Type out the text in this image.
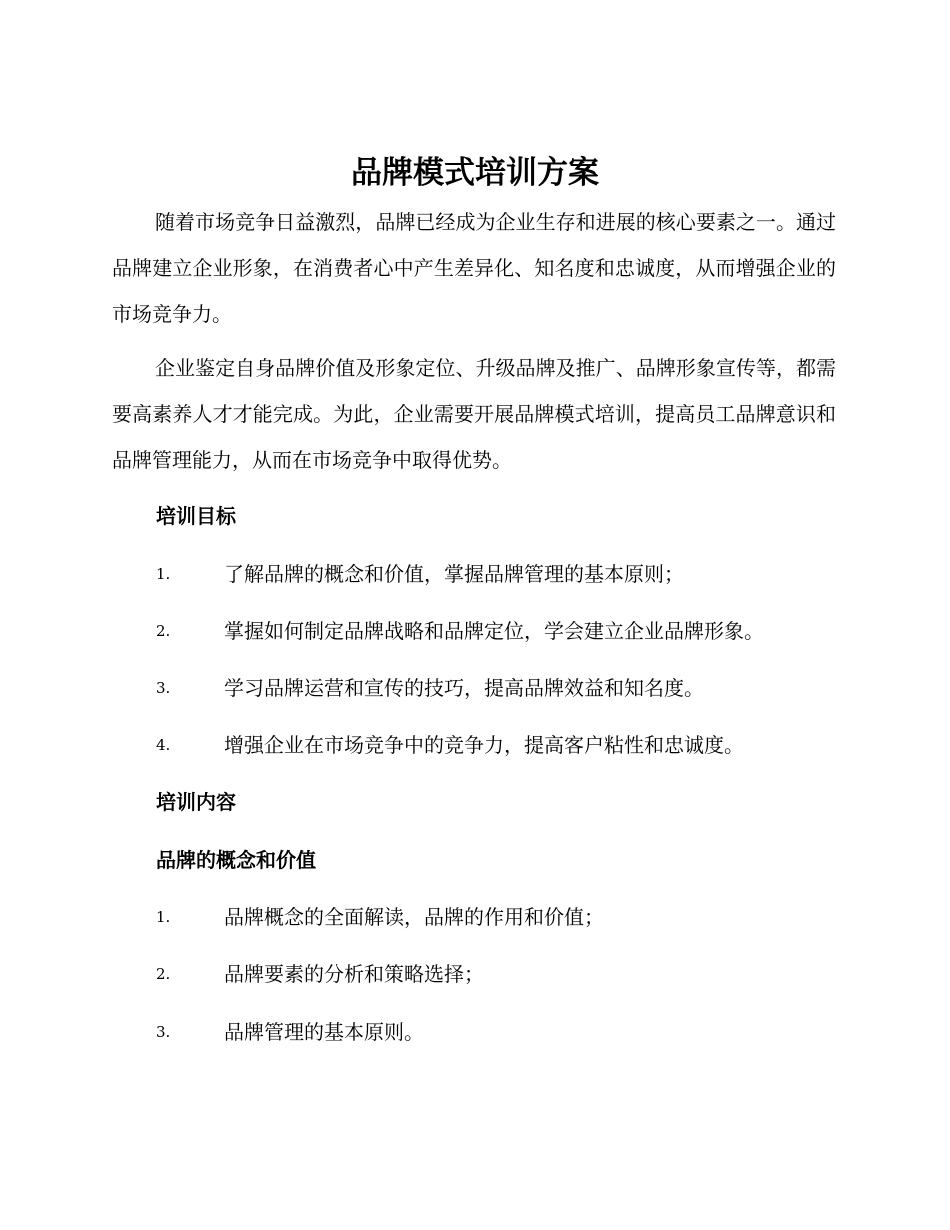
品牌模式培训方案

随着市场竞争日益激烈，品牌已经成为企业生存和进展的核心要素之一。通过品牌建立企业形象，在消费者心中产生差异化、知名度和忠诚度，从而增强企业的市场竞争力。

企业鉴定自身品牌价值及形象定位、升级品牌及推广、品牌形象宣传等，都需要高素养人才才能完成。为此，企业需要开展品牌模式培训，提高员工品牌意识和品牌管理能力，从而在市场竞争中取得优势。

培训目标
1.	了解品牌的概念和价值，掌握品牌管理的基本原则；
2.	掌握如何制定品牌战略和品牌定位，学会建立企业品牌形象。
3.	学习品牌运营和宣传的技巧，提高品牌效益和知名度。
4.	增强企业在市场竞争中的竞争力，提高客户粘性和忠诚度。
培训内容
品牌的概念和价值
1.	品牌概念的全面解读，品牌的作用和价值；
2.	品牌要素的分析和策略选择；
3.	品牌管理的基本原则。
